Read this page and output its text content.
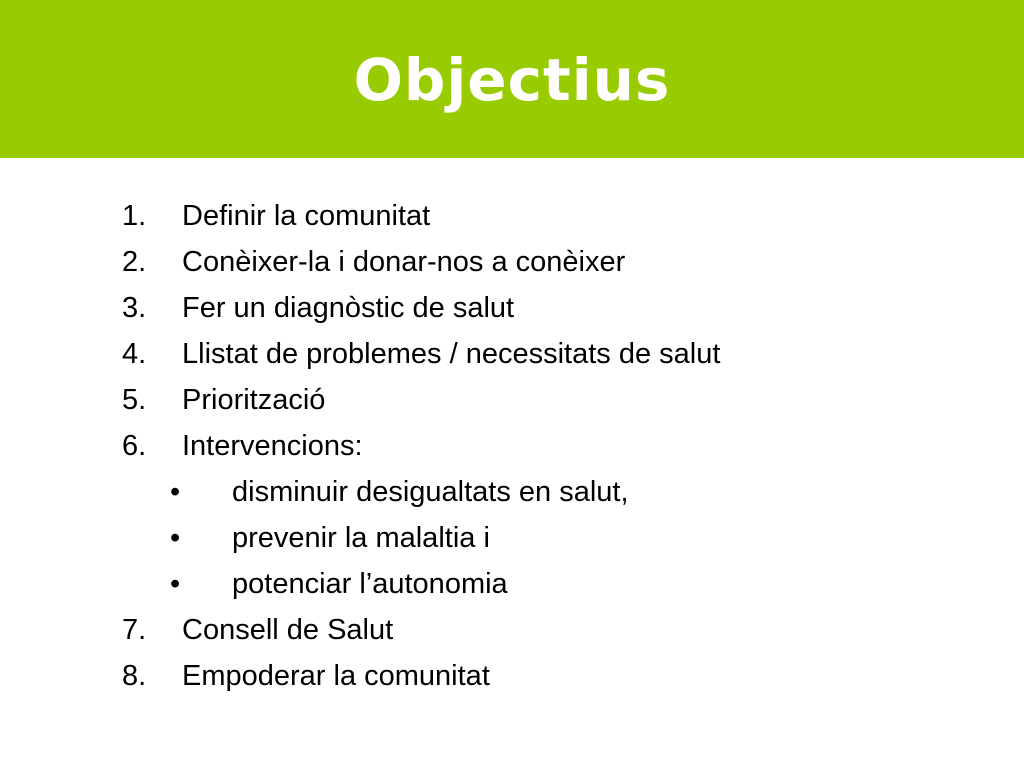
Objectius
1. Definir la comunitat
2. Conèixer-la i donar-nos a conèixer
3. Fer un diagnòstic de salut
4. Llistat de problemes / necessitats de salut
5. Priorització
6. Intervencions:
• disminuir desigualtats en salut,
• prevenir la malaltia i
• potenciar l’autonomia
7. Consell de Salut
8. Empoderar la comunitat
